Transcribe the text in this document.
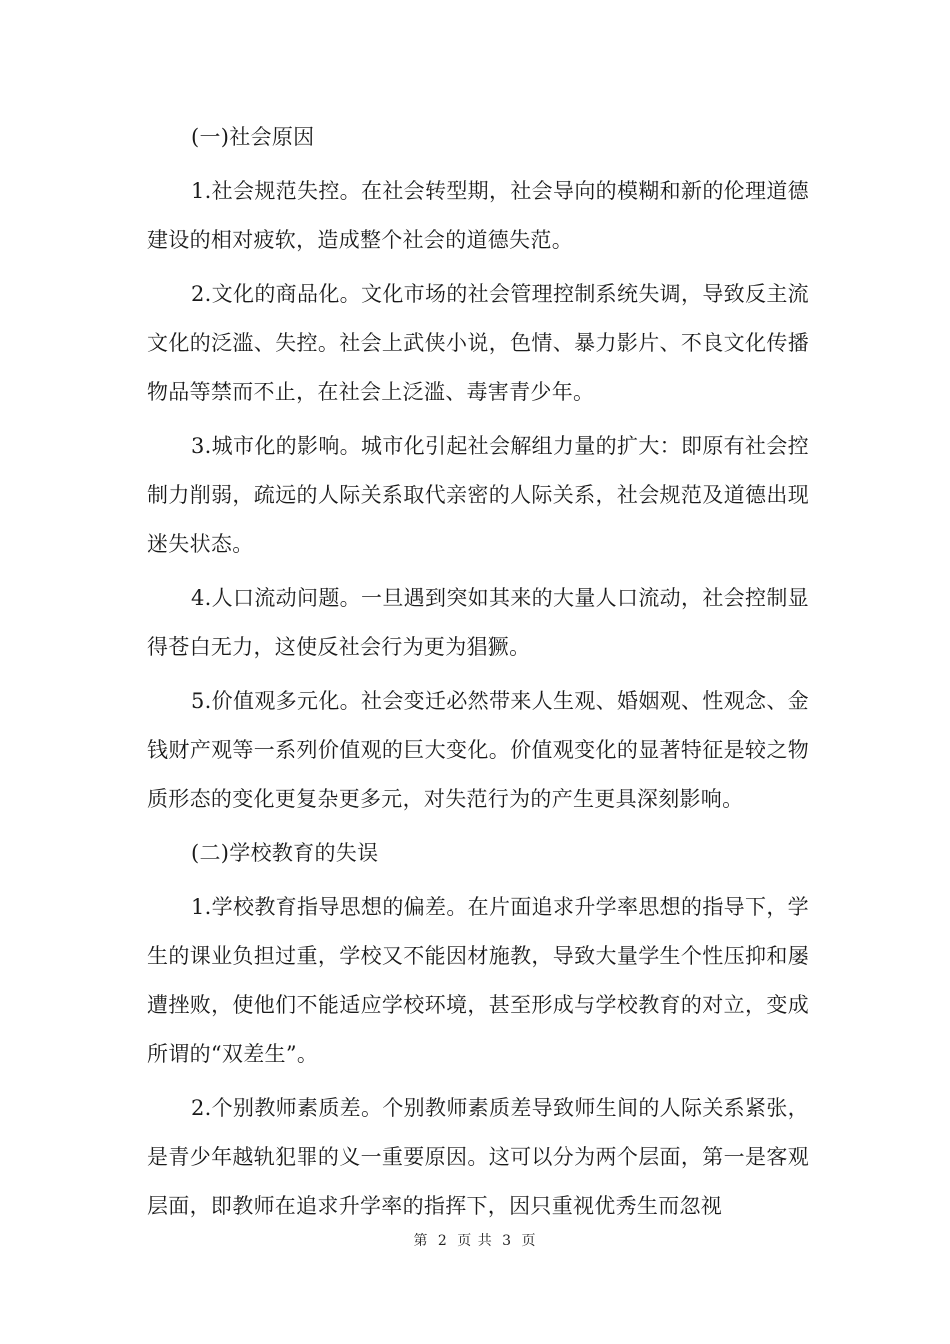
(一)社会原因

1.社会规范失控。在社会转型期，社会导向的模糊和新的伦理道德建设的相对疲软，造成整个社会的道德失范。

2.文化的商品化。文化市场的社会管理控制系统失调，导致反主流文化的泛滥、失控。社会上武侠小说，色情、暴力影片、不良文化传播物品等禁而不止，在社会上泛滥、毒害青少年。

3.城市化的影响。城市化引起社会解组力量的扩大：即原有社会控制力削弱，疏远的人际关系取代亲密的人际关系，社会规范及道德出现迷失状态。

4.人口流动问题。一旦遇到突如其来的大量人口流动，社会控制显得苍白无力，这使反社会行为更为猖獗。

5.价值观多元化。社会变迁必然带来人生观、婚姻观、性观念、金钱财产观等一系列价值观的巨大变化。价值观变化的显著特征是较之物质形态的变化更复杂更多元，对失范行为的产生更具深刻影响。

(二)学校教育的失误

1.学校教育指导思想的偏差。在片面追求升学率思想的指导下，学生的课业负担过重，学校又不能因材施教，导致大量学生个性压抑和屡遭挫败，使他们不能适应学校环境，甚至形成与学校教育的对立，变成所谓的“双差生”。

2.个别教师素质差。个别教师素质差导致师生间的人际关系紧张，是青少年越轨犯罪的义一重要原因。这可以分为两个层面，第一是客观层面，即教师在追求升学率的指挥下，因只重视优秀生而忽视

第 2 页 共 3 页
